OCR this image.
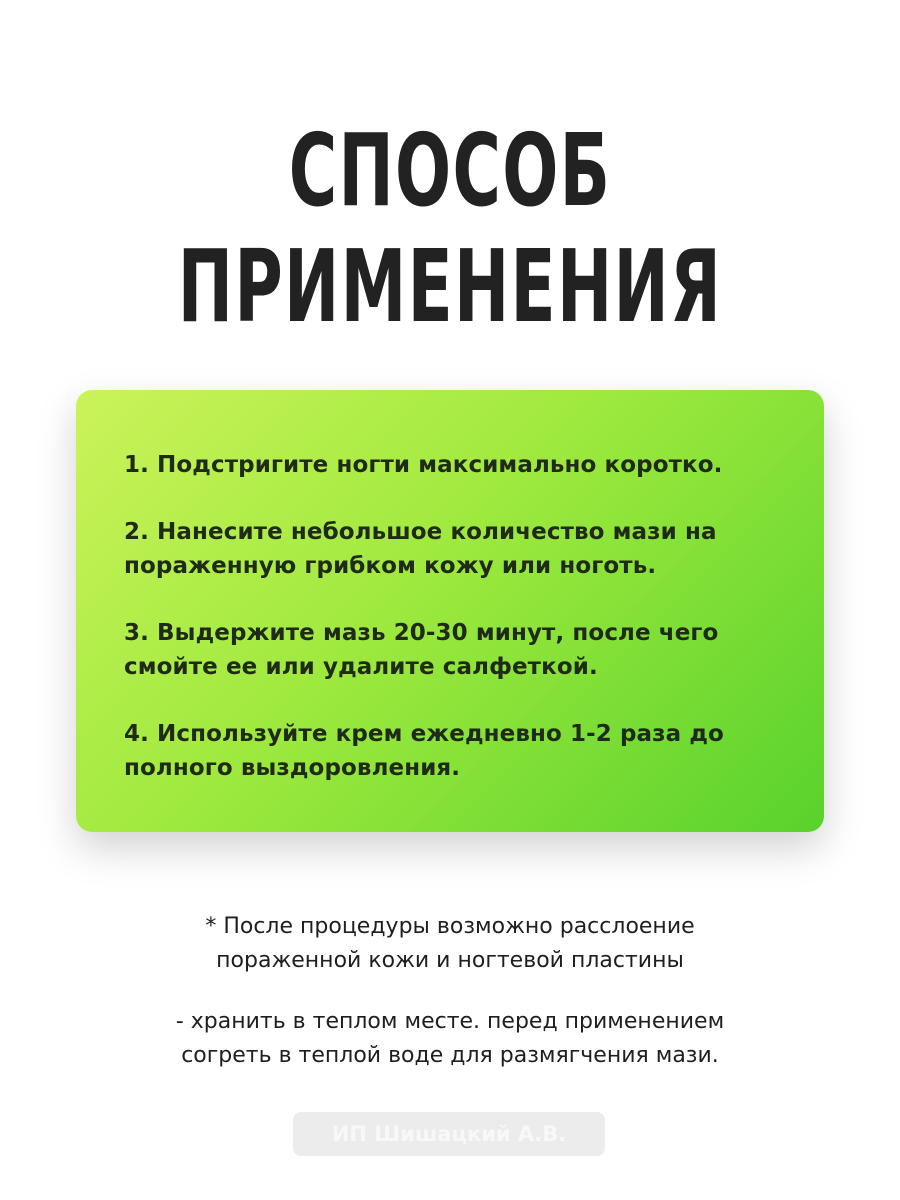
СПОСОБ
ПРИМЕНЕНИЯ
1. Подстригите ногти максимально коротко.
2. Нанесите небольшое количество мази на пораженную грибком кожу или ноготь.
3. Выдержите мазь 20-30 минут, после чего смойте ее или удалите салфеткой.
4. Используйте крем ежедневно 1-2 раза до полного выздоровления.
* После процедуры возможно расслоение
пораженной кожи и ногтевой пластины
- хранить в теплом месте. перед применением
согреть в теплой воде для размягчения мази.
ИП Шишацкий А.В.
